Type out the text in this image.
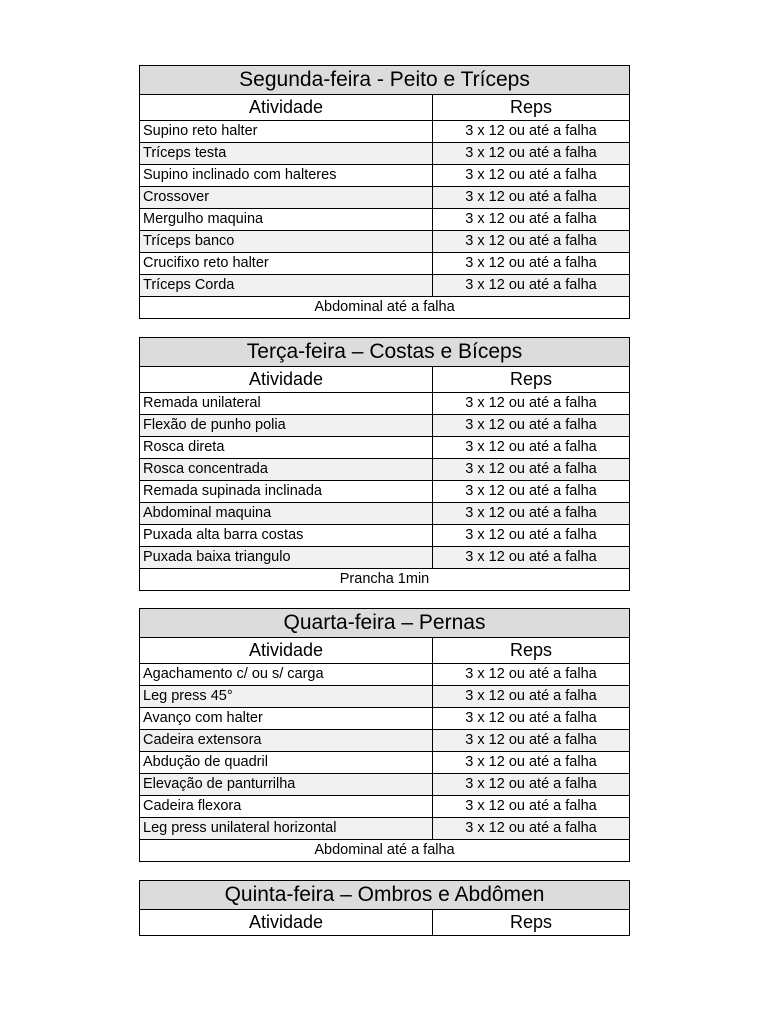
Segunda-feira - Peito e Tríceps	
Atividade	Reps
Supino reto halter	3 x 12 ou até a falha
Tríceps testa	3 x 12 ou até a falha
Supino inclinado com halteres	3 x 12 ou até a falha
Crossover	3 x 12 ou até a falha
Mergulho maquina	3 x 12 ou até a falha
Tríceps banco	3 x 12 ou até a falha
Crucifixo reto halter	3 x 12 ou até a falha
Tríceps Corda	3 x 12 ou até a falha
Abdominal até a falha	
Terça-feira – Costas e Bíceps	
Atividade	Reps
Remada unilateral	3 x 12 ou até a falha
Flexão de punho polia	3 x 12 ou até a falha
Rosca direta	3 x 12 ou até a falha
Rosca concentrada	3 x 12 ou até a falha
Remada supinada inclinada	3 x 12 ou até a falha
Abdominal maquina	3 x 12 ou até a falha
Puxada alta barra costas	3 x 12 ou até a falha
Puxada baixa triangulo	3 x 12 ou até a falha
Prancha 1min	
Quarta-feira – Pernas	
Atividade	Reps
Agachamento c/ ou s/ carga	3 x 12 ou até a falha
Leg press 45°	3 x 12 ou até a falha
Avanço com halter	3 x 12 ou até a falha
Cadeira extensora	3 x 12 ou até a falha
Abdução de quadril	3 x 12 ou até a falha
Elevação de panturrilha	3 x 12 ou até a falha
Cadeira flexora	3 x 12 ou até a falha
Leg press unilateral horizontal	3 x 12 ou até a falha
Abdominal até a falha	
Quinta-feira – Ombros e Abdômen
Atividade	Reps
